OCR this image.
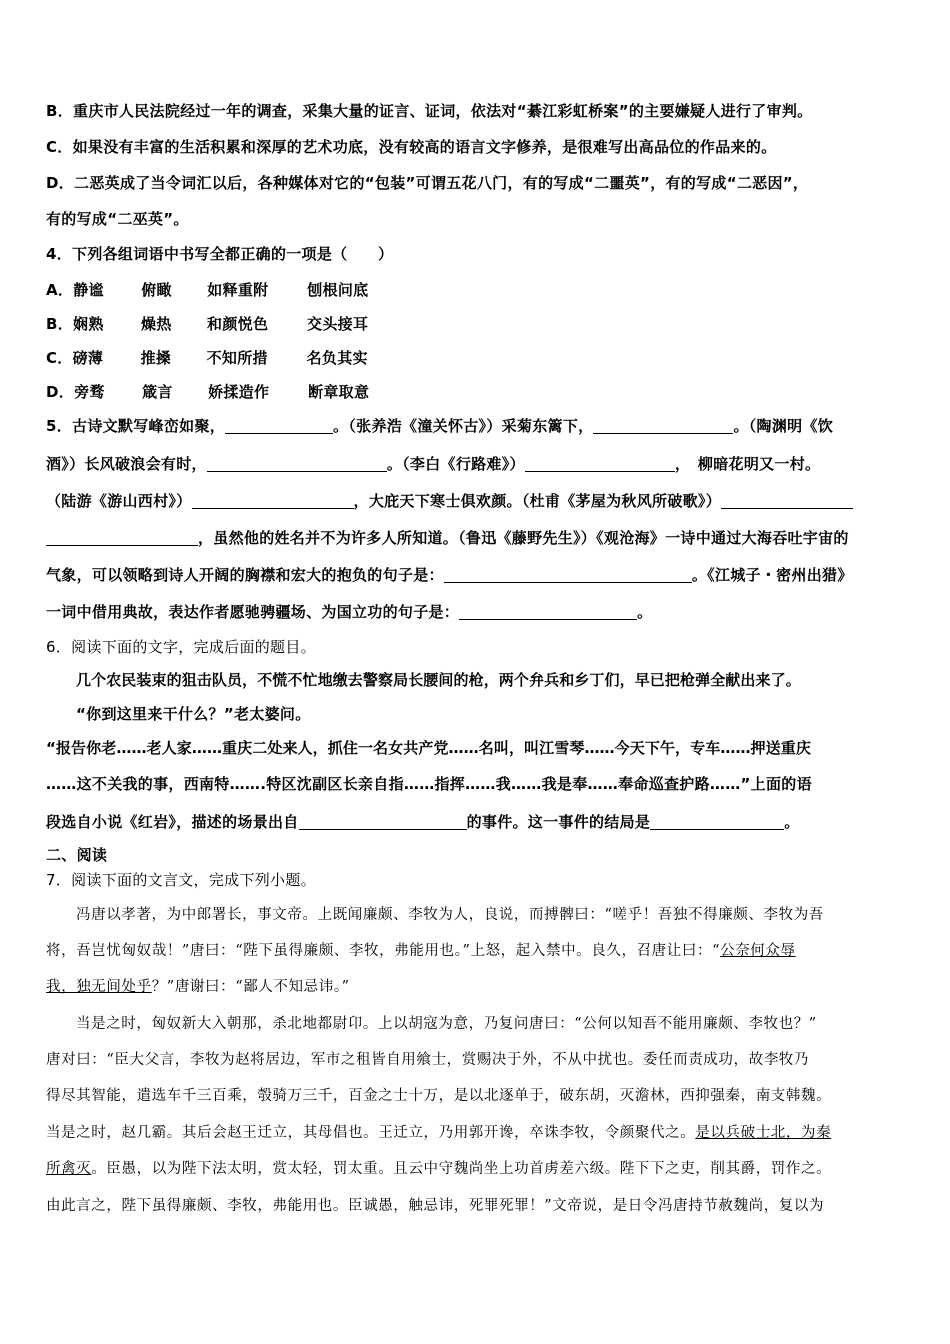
B．重庆市人民法院经过一年的调查，采集大量的证言、证词，依法对“綦江彩虹桥案”的主要嫌疑人进行了审判。
C．如果没有丰富的生活积累和深厚的艺术功底，没有较高的语言文字修养，是很难写出高品位的作品来的。
D．二恶英成了当令词汇以后，各种媒体对它的“包装”可谓五花八门，有的写成“二噩英”，有的写成“二恶因”，
有的写成“二巫英”。
4．下列各组词语中书写全都正确的一项是（　　）
A．静谧 俯瞰 如释重附	刨根问底
B．娴熟 燥热 和颜悦色	交头接耳
C．磅薄 推搡 不知所措	名负其实
D．旁骛 箴言 娇揉造作	断章取意
5．古诗文默写峰峦如聚，	。（张养浩《潼关怀古》）采菊东篱下，	。（陶渊明《饮
酒》）长风破浪会有时，	。（李白《行路难》）	，　柳暗花明又一村。
（陆游《游山西村》）	，大庇天下寒士俱欢颜。（杜甫《茅屋为秋风所破歌》）
，虽然他的姓名并不为许多人所知道。（鲁迅《藤野先生》）《观沧海》一诗中通过大海吞吐宇宙的
气象，可以领略到诗人开阔的胸襟和宏大的抱负的句子是：	。《江城子・密州出猎》
一词中借用典故，表达作者愿驰骋疆场、为国立功的句子是：	。
6．阅读下面的文字，完成后面的题目。
几个农民装束的狙击队员，不慌不忙地缴去警察局长腰间的枪，两个弁兵和乡丁们，早已把枪弹全献出来了。
“你到这里来干什么？”老太婆问。
“报告你老……老人家……重庆二处来人，抓住一名女共产党……名叫，叫江雪琴……今天下午，专车……押送重庆
……这不关我的事，西南特…….特区沈副区长亲自指……指挥……我……我是奉……奉命巡查护路……”上面的语
段选自小说《红岩》，描述的场景出自	的事件。这一事件的结局是	。
二、阅读
7．阅读下面的文言文，完成下列小题。
冯唐以孝著，为中郎署长，事文帝。上既闻廉颇、李牧为人，良说，而搏髀曰：“嗟乎！吾独不得廉颇、李牧为吾
将，吾岂忧匈奴哉！”唐曰：“陛下虽得廉颇、李牧，弗能用也。”上怒，起入禁中。良久，召唐让曰：“公奈何众辱
我，独无间处乎？”唐谢曰：“鄙人不知忌讳。”
当是之时，匈奴新大入朝那，杀北地都尉卬。上以胡寇为意，乃复问唐曰：“公何以知吾不能用廉颇、李牧也？”
唐对曰：“臣大父言，李牧为赵将居边，军市之租皆自用飨士，赏赐决于外，不从中扰也。委任而责成功，故李牧乃
得尽其智能，遣选车千三百乘，彀骑万三千，百金之士十万，是以北逐单于，破东胡，灭澹林，西抑强秦，南支韩魏。
当是之时，赵几霸。其后会赵王迁立，其母倡也。王迁立，乃用郭开谗，卒诛李牧，令颜聚代之。是以兵破士北，为秦
所禽灭。臣愚，以为陛下法太明，赏太轻，罚太重。且云中守魏尚坐上功首虏差六级。陛下下之吏，削其爵，罚作之。
由此言之，陛下虽得廉颇、李牧，弗能用也。臣诚愚，触忌讳，死罪死罪！”文帝说，是日令冯唐持节赦魏尚，复以为
